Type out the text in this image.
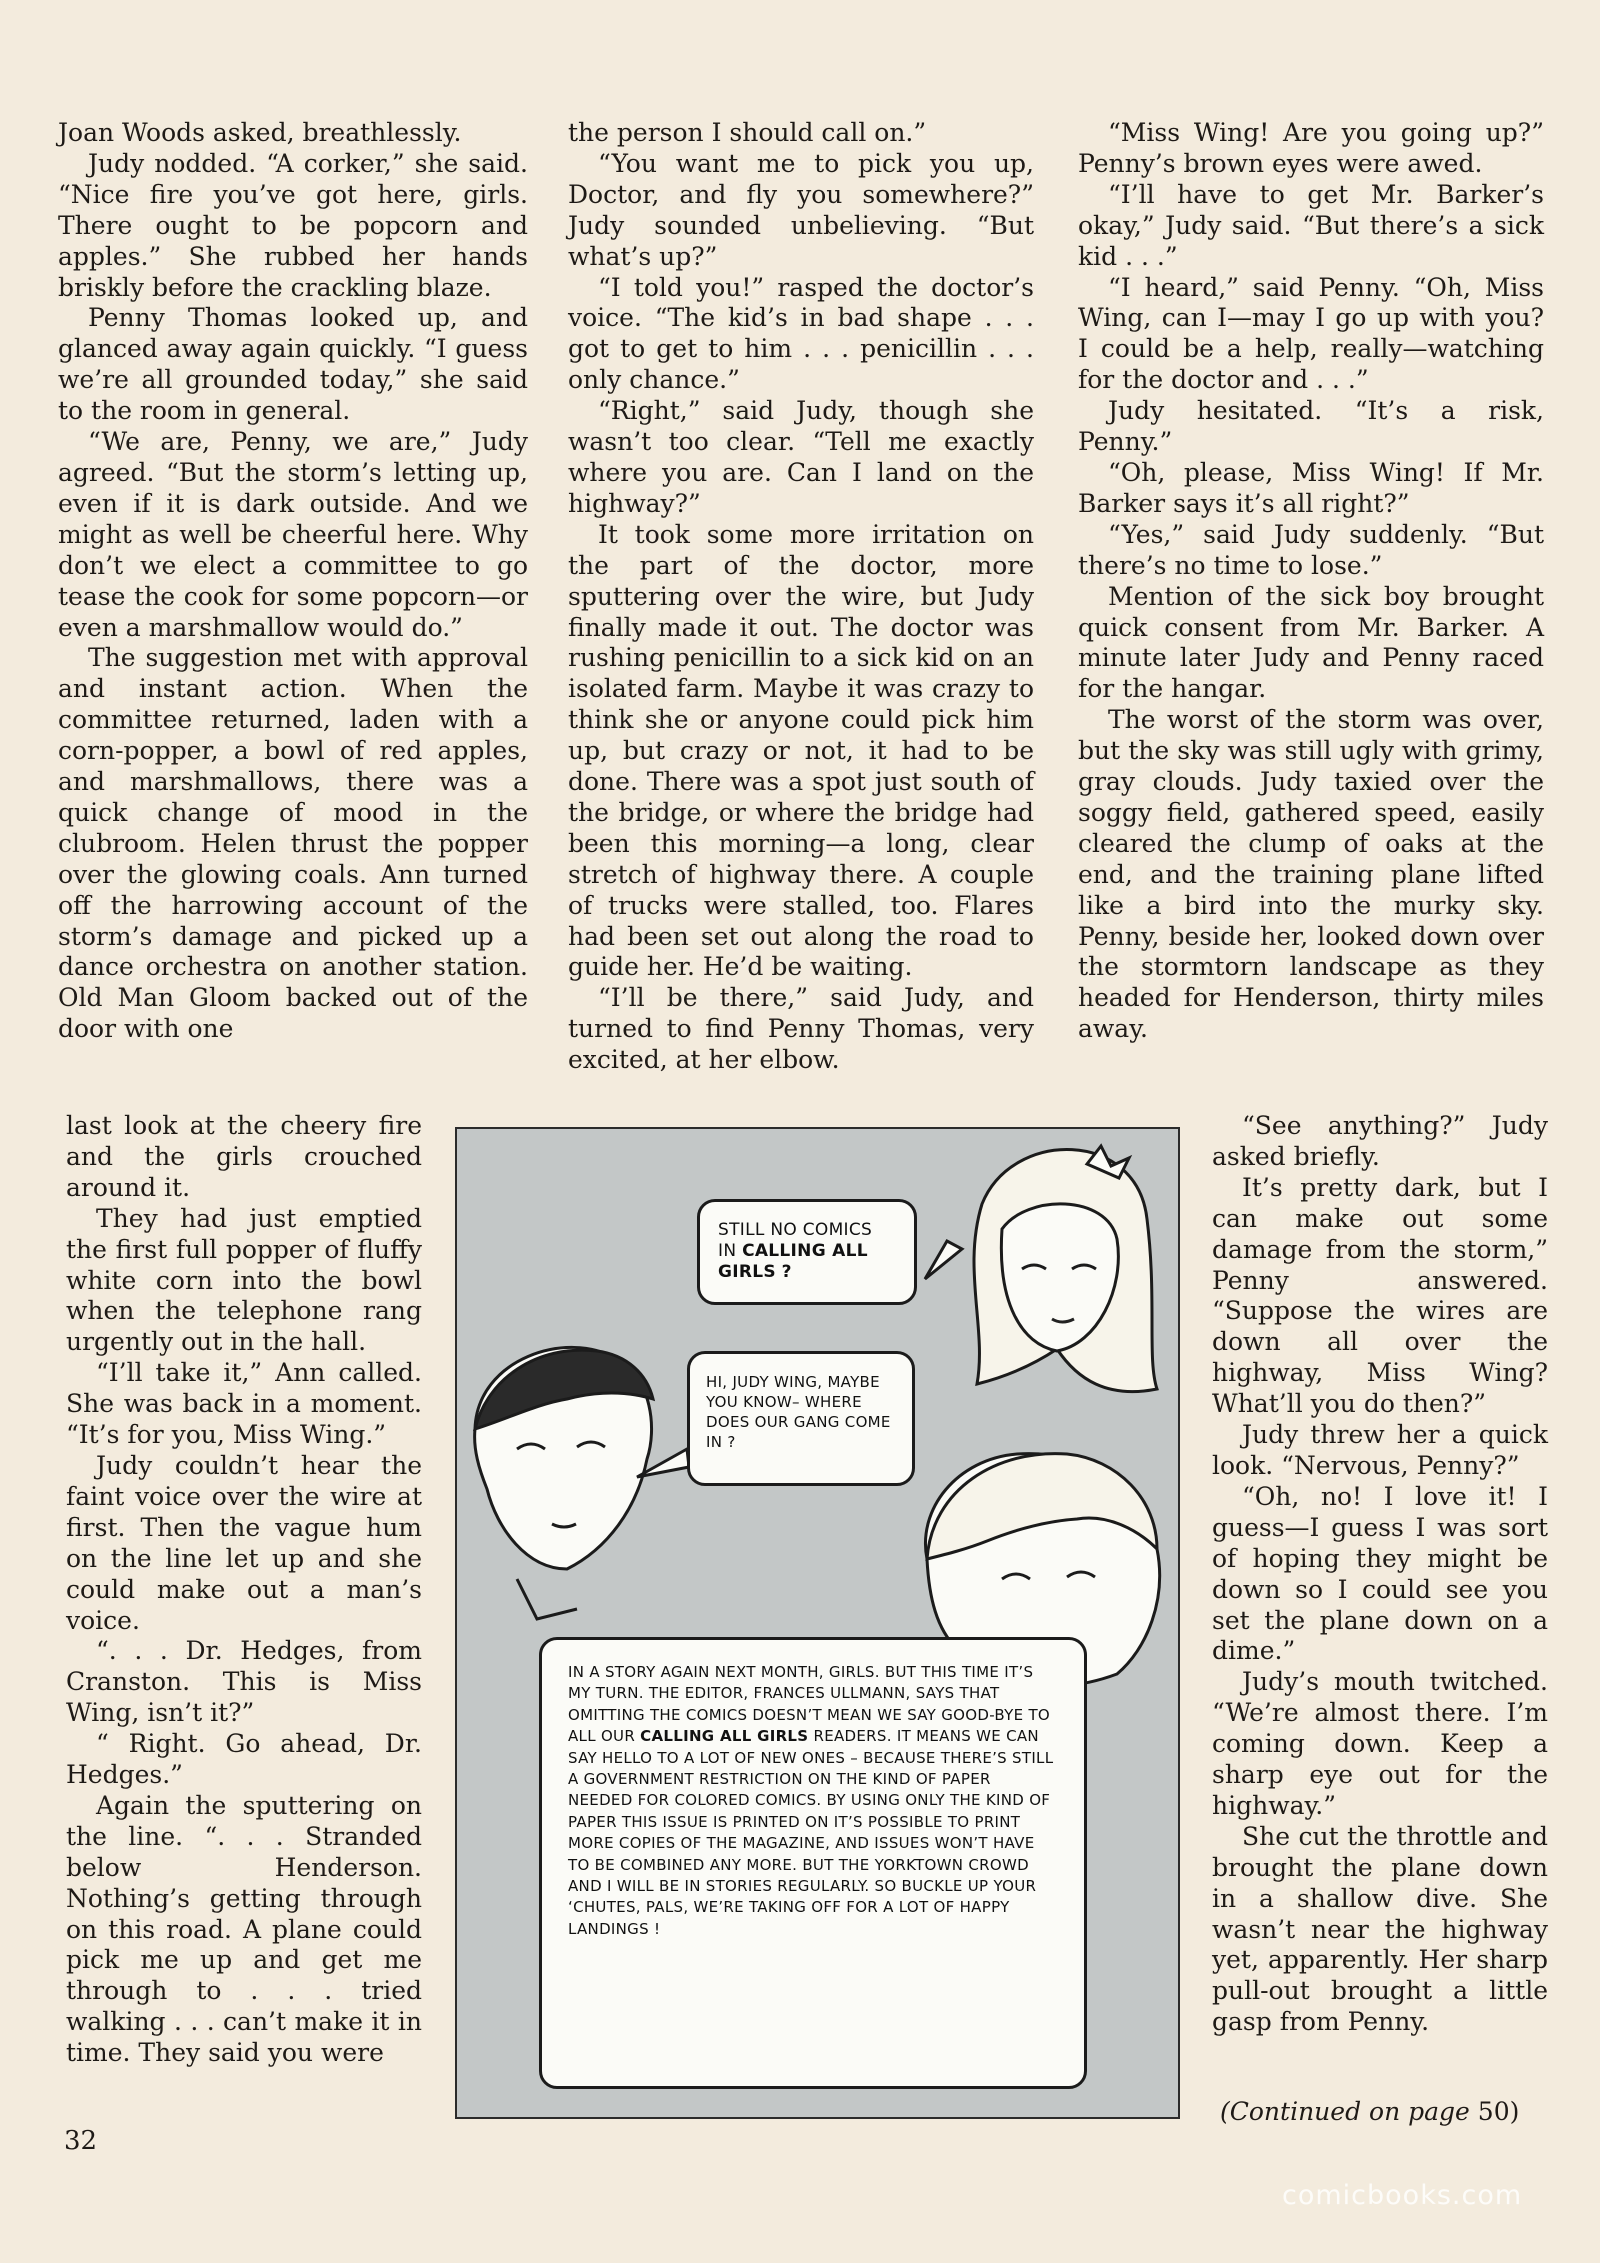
Joan Woods asked, breathlessly.

Judy nodded. “A corker,” she said. “Nice fire you’ve got here, girls. There ought to be popcorn and apples.” She rubbed her hands briskly before the crackling blaze.

Penny Thomas looked up, and glanced away again quickly. “I guess we’re all grounded today,” she said to the room in general.

“We are, Penny, we are,” Judy agreed. “But the storm’s letting up, even if it is dark outside. And we might as well be cheerful here. Why don’t we elect a committee to go tease the cook for some popcorn—or even a marshmallow would do.”

The suggestion met with approval and instant action. When the committee returned, laden with a corn-popper, a bowl of red apples, and marshmallows, there was a quick change of mood in the clubroom. Helen thrust the popper over the glowing coals. Ann turned off the harrowing account of the storm’s damage and picked up a dance orchestra on another station. Old Man Gloom backed out of the door with one

last look at the cheery fire and the girls crouched around it.

They had just emptied the first full popper of fluffy white corn into the bowl when the telephone rang urgently out in the hall.

“I’ll take it,” Ann called. She was back in a moment. “It’s for you, Miss Wing.”

Judy couldn’t hear the faint voice over the wire at first. Then the vague hum on the line let up and she could make out a man’s voice.

“. . . Dr. Hedges, from Cranston. This is Miss Wing, isn’t it?”

“ Right. Go ahead, Dr. Hedges.”

Again the sputtering on the line. “. . . Stranded below Henderson. Nothing’s getting through on this road. A plane could pick me up and get me through to . . . tried walking . . . can’t make it in time. They said you were

the person I should call on.”

“You want me to pick you up, Doctor, and fly you somewhere?” Judy sounded unbelieving. “But what’s up?”

“I told you!” rasped the doctor’s voice. “The kid’s in bad shape . . . got to get to him . . . penicillin . . . only chance.”

“Right,” said Judy, though she wasn’t too clear. “Tell me exactly where you are. Can I land on the highway?”

It took some more irritation on the part of the doctor, more sputtering over the wire, but Judy finally made it out. The doctor was rushing penicillin to a sick kid on an isolated farm. Maybe it was crazy to think she or anyone could pick him up, but crazy or not, it had to be done. There was a spot just south of the bridge, or where the bridge had been this morning—a long, clear stretch of highway there. A couple of trucks were stalled, too. Flares had been set out along the road to guide her. He’d be waiting.

“I’ll be there,” said Judy, and turned to find Penny Thomas, very excited, at her elbow.

“Miss Wing! Are you going up?” Penny’s brown eyes were awed.

“I’ll have to get Mr. Barker’s okay,” Judy said. “But there’s a sick kid . . .”

“I heard,” said Penny. “Oh, Miss Wing, can I—may I go up with you? I could be a help, really—watching for the doctor and . . .”

Judy hesitated. “It’s a risk, Penny.”

“Oh, please, Miss Wing! If Mr. Barker says it’s all right?”

“Yes,” said Judy suddenly. “But there’s no time to lose.”

Mention of the sick boy brought quick consent from Mr. Barker. A minute later Judy and Penny raced for the hangar.

The worst of the storm was over, but the sky was still ugly with grimy, gray clouds. Judy taxied over the soggy field, gathered speed, easily cleared the clump of oaks at the end, and the training plane lifted like a bird into the murky sky. Penny, beside her, looked down over the stormtorn landscape as they headed for Henderson, thirty miles away.

“See anything?” Judy asked briefly.

It’s pretty dark, but I can make out some damage from the storm,” Penny answered. “Suppose the wires are down all over the highway, Miss Wing? What’ll you do then?”

Judy threw her a quick look. “Nervous, Penny?”

“Oh, no! I love it! I guess—I guess I was sort of hoping they might be down so I could see you set the plane down on a dime.”

Judy’s mouth twitched. “We’re almost there. I’m coming down. Keep a sharp eye out for the highway.”

She cut the throttle and brought the plane down in a shallow dive. She wasn’t near the highway yet, apparently. Her sharp pull-out brought a little gasp from Penny.

STILL NO COMICS IN CALLING ALL GIRLS ?
HI, JUDY WING, MAYBE YOU KNOW– WHERE DOES OUR GANG COME IN ?
IN A STORY AGAIN NEXT MONTH, GIRLS. BUT THIS TIME IT’S MY TURN. THE EDITOR, FRANCES ULLMANN, SAYS THAT OMITTING THE COMICS DOESN’T MEAN WE SAY GOOD-BYE TO ALL OUR CALLING ALL GIRLS READERS. IT MEANS WE CAN SAY HELLO TO A LOT OF NEW ONES – BECAUSE THERE’S STILL A GOVERNMENT RESTRICTION ON THE KIND OF PAPER NEEDED FOR COLORED COMICS. BY USING ONLY THE KIND OF PAPER THIS ISSUE IS PRINTED ON IT’S POSSIBLE TO PRINT MORE COPIES OF THE MAGAZINE, AND ISSUES WON’T HAVE TO BE COMBINED ANY MORE. BUT THE YORKTOWN CROWD AND I WILL BE IN STORIES REGULARLY. SO BUCKLE UP YOUR ‘CHUTES, PALS, WE’RE TAKING OFF FOR A LOT OF HAPPY LANDINGS !
(Continued on page 50)
32
comicbooks.com
